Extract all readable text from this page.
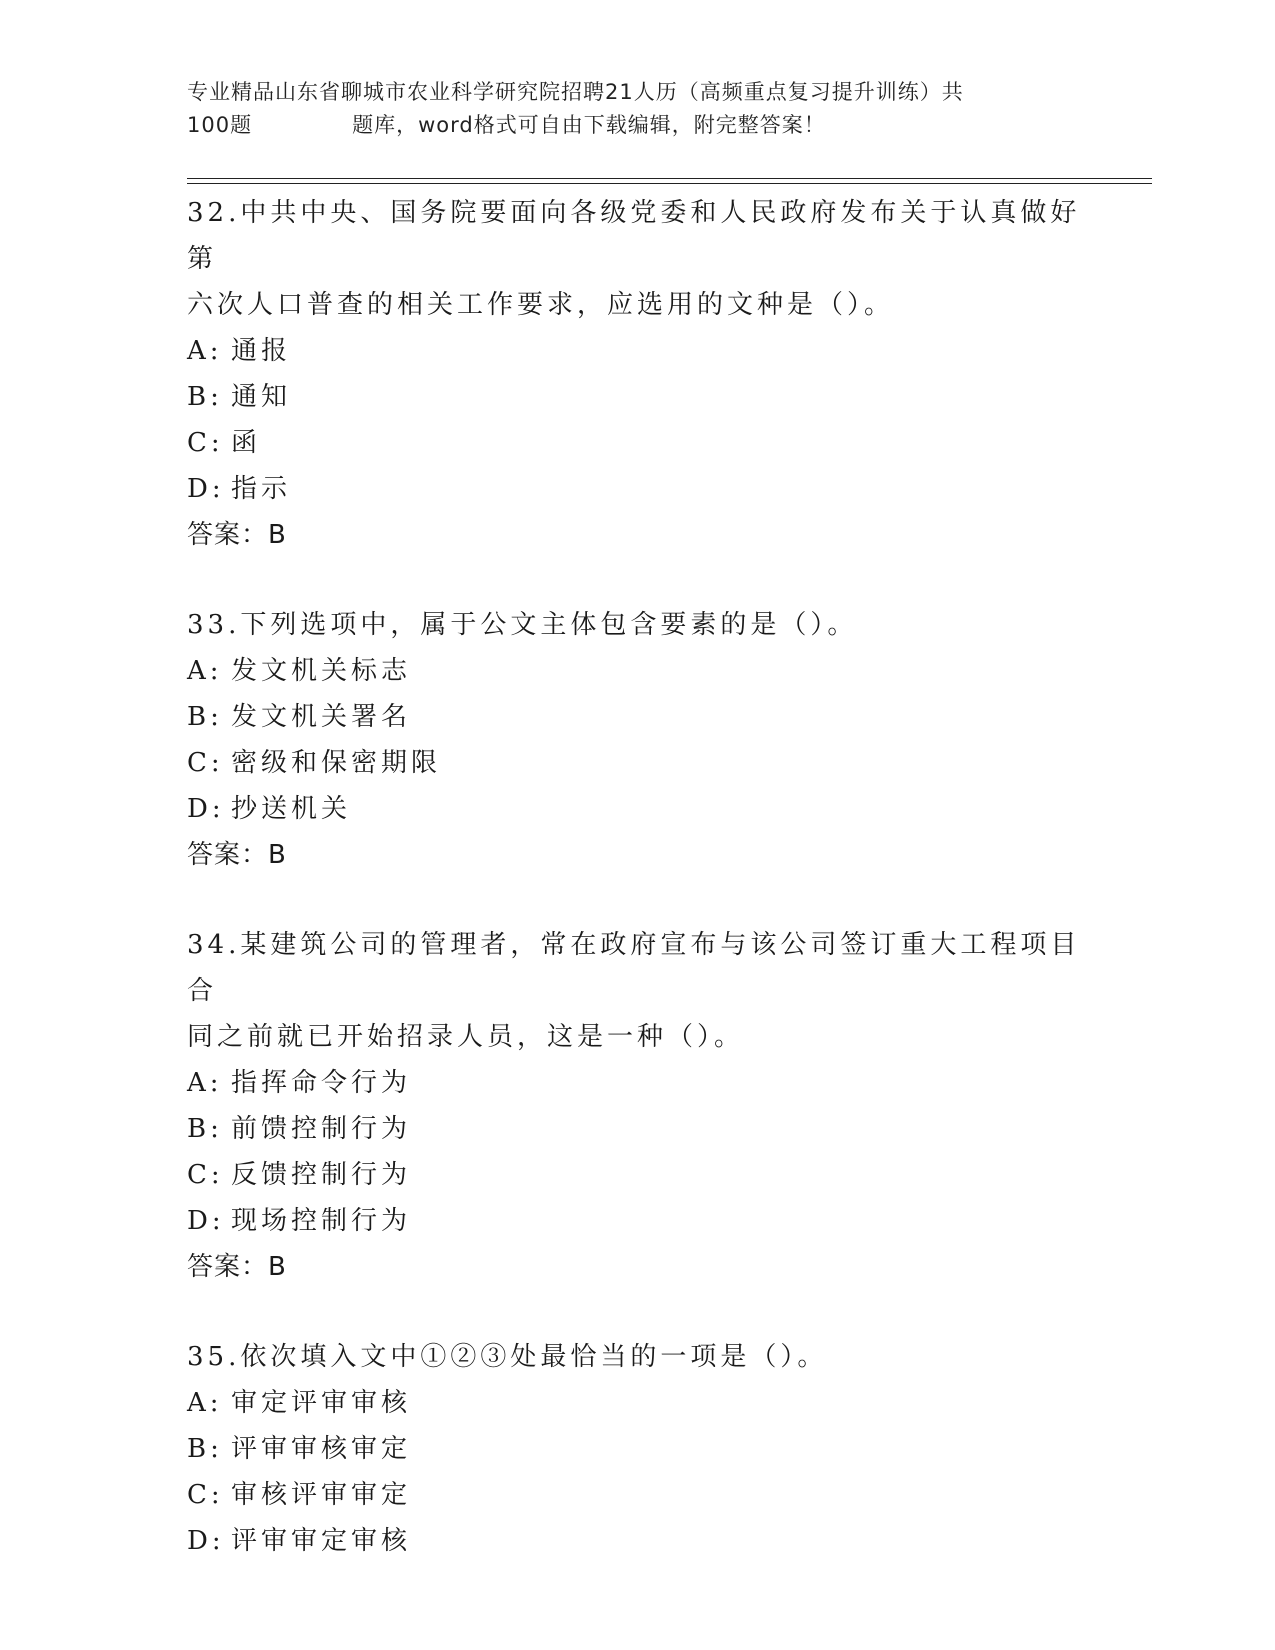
专业精品山东省聊城市农业科学研究院招聘21人历（高频重点复习提升训练）共
100题	题库，word格式可自由下载编辑，附完整答案！
32.中共中央、国务院要面向各级党委和人民政府发布关于认真做好第
六次人口普查的相关工作要求，应选用的文种是（）。
A: 通报
B: 通知
C: 函
D: 指示
答案：B
33.下列选项中，属于公文主体包含要素的是（）。
A: 发文机关标志
B: 发文机关署名
C: 密级和保密期限
D: 抄送机关
答案：B
34.某建筑公司的管理者，常在政府宣布与该公司签订重大工程项目合
同之前就已开始招录人员，这是一种（）。
A: 指挥命令行为
B: 前馈控制行为
C: 反馈控制行为
D: 现场控制行为
答案：B
35.依次填入文中①②③处最恰当的一项是（）。
A: 审定评审审核
B: 评审审核审定
C: 审核评审审定
D: 评审审定审核
